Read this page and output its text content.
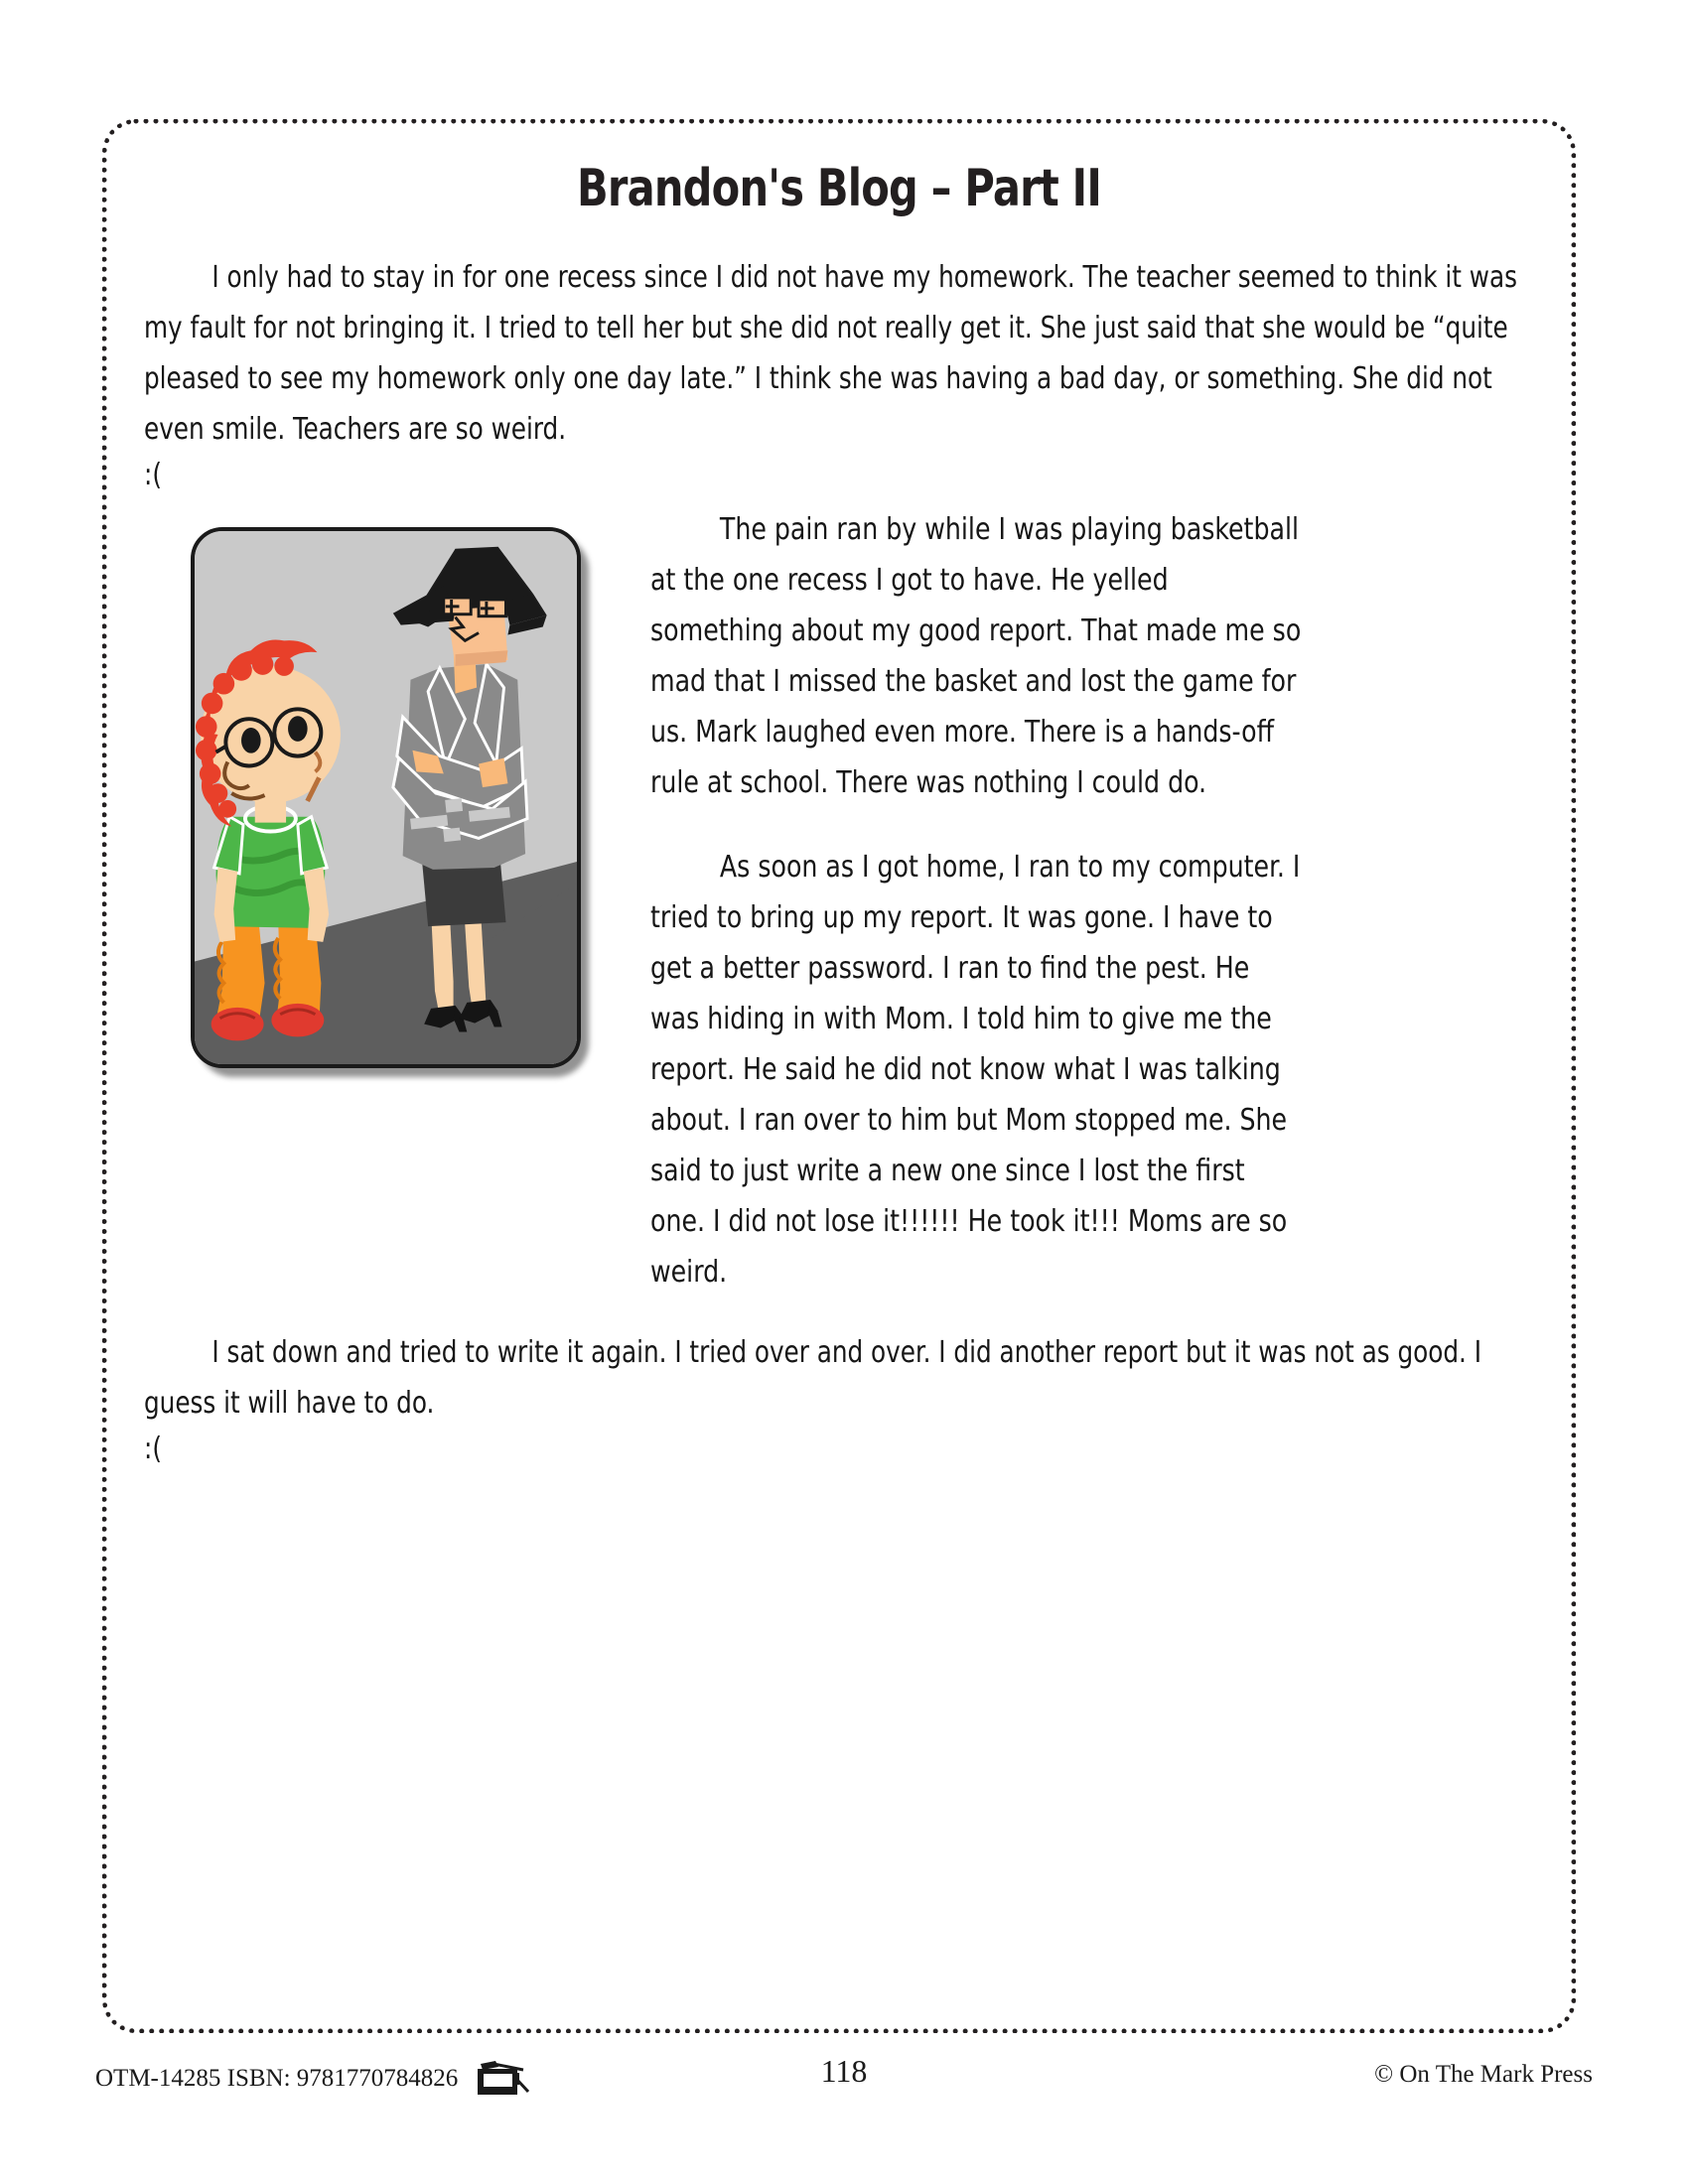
Brandon's Blog – Part II

I only had to stay in for one recess since I did not have my homework. The teacher seemed to think it was my fault for not bringing it. I tried to tell her but she did not really get it. She just said that she would be “quite pleased to see my homework only one day late.” I think she was having a bad day, or something. She did not even smile. Teachers are so weird.

:(

The pain ran by while I was playing basketball at the one recess I got to have. He yelled something about my good report. That made me so mad that I missed the basket and lost the game for us. Mark laughed even more. There is a hands-off rule at school. There was nothing I could do.

As soon as I got home, I ran to my computer. I tried to bring up my report. It was gone. I have to get a better password. I ran to find the pest. He was hiding in with Mom. I told him to give me the report. He said he did not know what I was talking about. I ran over to him but Mom stopped me. She said to just write a new one since I lost the first one. I did not lose it!!!!!! He took it!!! Moms are so weird.

I sat down and tried to write it again. I tried over and over. I did another report but it was not as good. I guess it will have to do.

:(

OTM-14285 ISBN: 9781770784826	118	© On The Mark Press
